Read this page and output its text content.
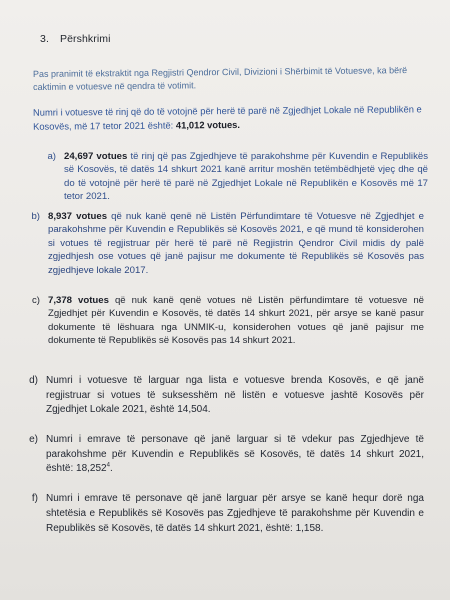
3. Përshkrimi
Pas pranimit të ekstraktit nga Regjistri Qendror Civil, Divizioni i Shërbimit të Votuesve, ka bërë caktimin e votuesve në qendra të votimit.
Numri i votuesve të rinj që do të votojnë për herë të parë në Zgjedhjet Lokale në Republikën e Kosovës, më 17 tetor 2021 është: 41,012 votues.
a) 24,697 votues të rinj që pas Zgjedhjeve të parakohshme për Kuvendin e Republikës së Kosovës, të datës 14 shkurt 2021 kanë arritur moshën tetëmbëdhjetë vjeç dhe që do të votojnë për herë të parë në Zgjedhjet Lokale në Republikën e Kosovës më 17 tetor 2021.
b) 8,937 votues që nuk kanë qenë në Listën Përfundimtare të Votuesve në Zgjedhjet e parakohshme për Kuvendin e Republikës së Kosovës 2021, e që mund të konsiderohen si votues të regjistruar për herë të parë në Regjistrin Qendror Civil midis dy palë zgjedhjesh ose votues që janë pajisur me dokumente të Republikës së Kosovës pas zgjedhjeve lokale 2017.
c) 7,378 votues që nuk kanë qenë votues në Listën përfundimtare të votuesve në Zgjedhjet për Kuvendin e Kosovës, të datës 14 shkurt 2021, për arsye se kanë pasur dokumente të lëshuara nga UNMIK-u, konsiderohen votues që janë pajisur me dokumente të Republikës së Kosovës pas 14 shkurt 2021.
d) Numri i votuesve të larguar nga lista e votuesve brenda Kosovës, e që janë regjistruar si votues të suksesshëm në listën e votuesve jashtë Kosovës për Zgjedhjet Lokale 2021, është 14,504.
e) Numri i emrave të personave që janë larguar si të vdekur pas Zgjedhjeve të parakohshme për Kuvendin e Republikës së Kosovës, të datës 14 shkurt 2021, është: 18,252$^4$.
f) Numri i emrave të personave që janë larguar për arsye se kanë hequr dorë nga shtetësia e Republikës së Kosovës pas Zgjedhjeve të parakohshme për Kuvendin e Republikës së Kosovës, të datës 14 shkurt 2021, është: 1,158.
